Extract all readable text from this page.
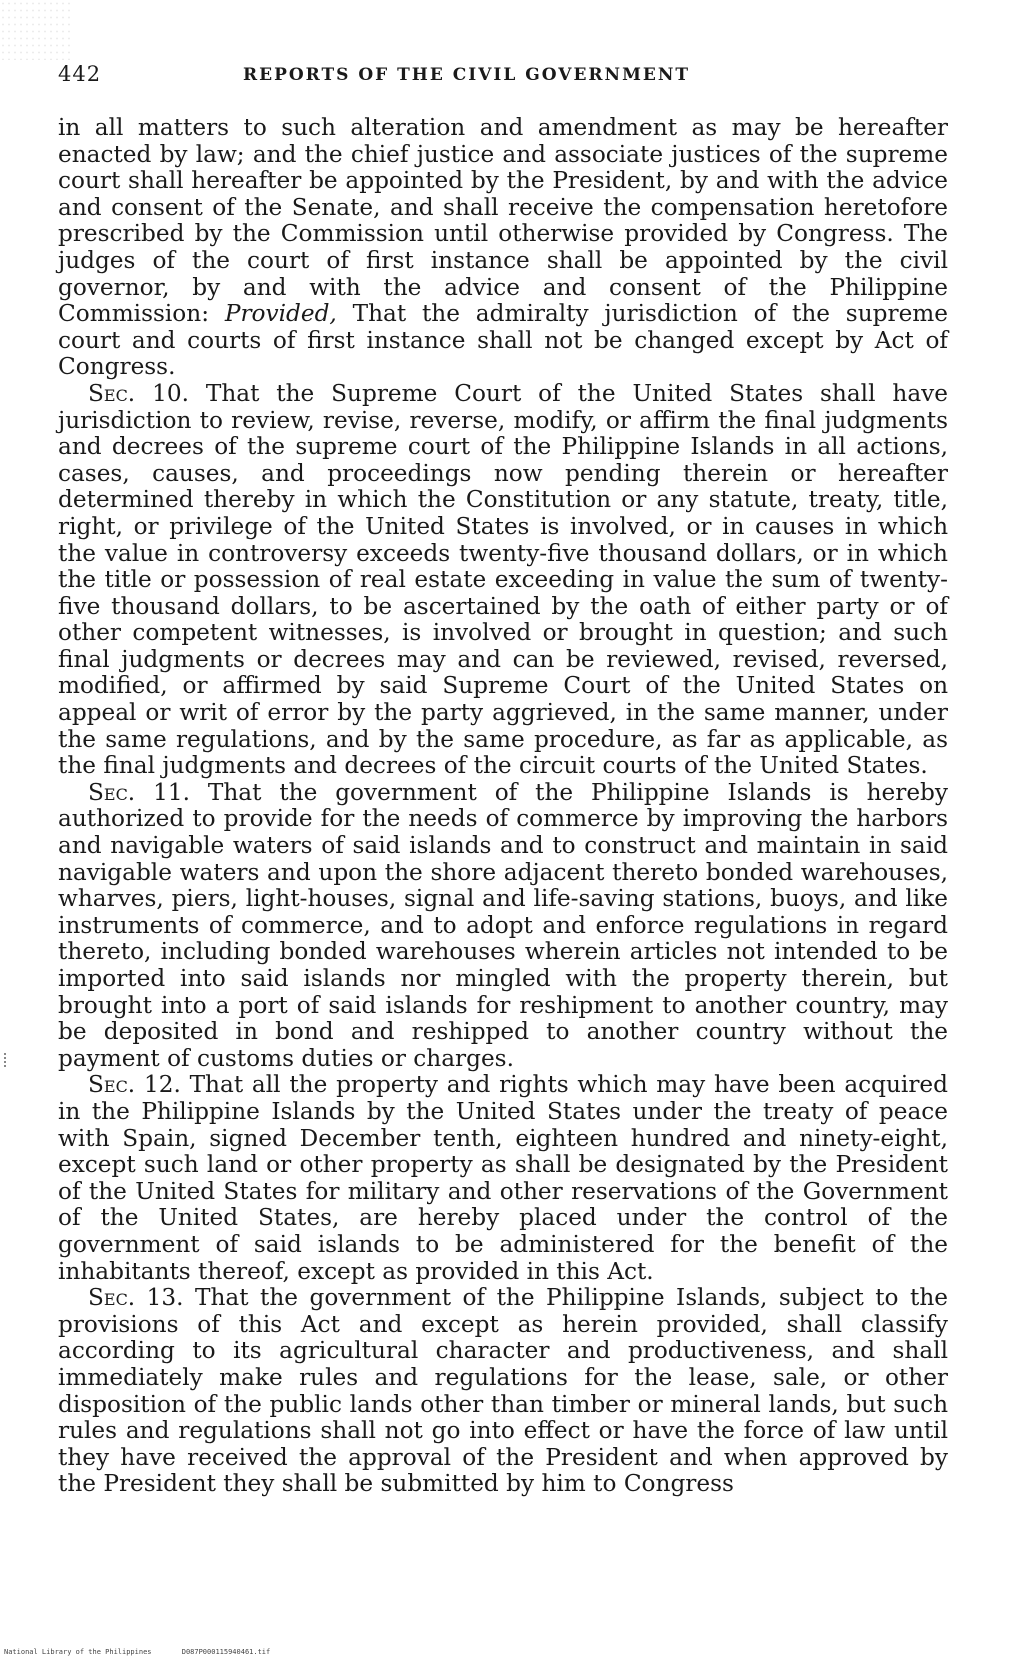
442	REPORTS OF THE CIVIL GOVERNMENT

in all matters to such alteration and amendment as may be hereafter enacted by law; and the chief justice and associate justices of the supreme court shall hereafter be appointed by the President, by and with the advice and consent of the Senate, and shall receive the compensation heretofore prescribed by the Commission until otherwise provided by Congress. The judges of the court of first instance shall be appointed by the civil governor, by and with the advice and consent of the Philippine Commission: Provided, That the admiralty jurisdiction of the supreme court and courts of first instance shall not be changed except by Act of Congress.

Sec. 10. That the Supreme Court of the United States shall have jurisdiction to review, revise, reverse, modify, or affirm the final judgments and decrees of the supreme court of the Philippine Islands in all actions, cases, causes, and proceedings now pending therein or hereafter determined thereby in which the Constitution or any statute, treaty, title, right, or privilege of the United States is involved, or in causes in which the value in controversy exceeds twenty-five thousand dollars, or in which the title or possession of real estate exceeding in value the sum of twenty-five thousand dollars, to be ascertained by the oath of either party or of other competent witnesses, is involved or brought in question; and such final judgments or decrees may and can be reviewed, revised, reversed, modified, or affirmed by said Supreme Court of the United States on appeal or writ of error by the party aggrieved, in the same manner, under the same regulations, and by the same procedure, as far as applicable, as the final judgments and decrees of the circuit courts of the United States.

Sec. 11. That the government of the Philippine Islands is hereby authorized to provide for the needs of commerce by improving the harbors and navigable waters of said islands and to construct and maintain in said navigable waters and upon the shore adjacent thereto bonded warehouses, wharves, piers, light-houses, signal and life-saving stations, buoys, and like instruments of commerce, and to adopt and enforce regulations in regard thereto, including bonded warehouses wherein articles not intended to be imported into said islands nor mingled with the property therein, but brought into a port of said islands for reshipment to another country, may be deposited in bond and reshipped to another country without the payment of customs duties or charges.

Sec. 12. That all the property and rights which may have been acquired in the Philippine Islands by the United States under the treaty of peace with Spain, signed December tenth, eighteen hundred and ninety-eight, except such land or other property as shall be designated by the President of the United States for military and other reservations of the Government of the United States, are hereby placed under the control of the government of said islands to be administered for the benefit of the inhabitants thereof, except as provided in this Act.

Sec. 13. That the government of the Philippine Islands, subject to the provisions of this Act and except as herein provided, shall classify according to its agricultural character and productiveness, and shall immediately make rules and regulations for the lease, sale, or other disposition of the public lands other than timber or mineral lands, but such rules and regulations shall not go into effect or have the force of law until they have received the approval of the President and when approved by the President they shall be submitted by him to Congress

National Library of the Philippines	D087P000115940461.tif
